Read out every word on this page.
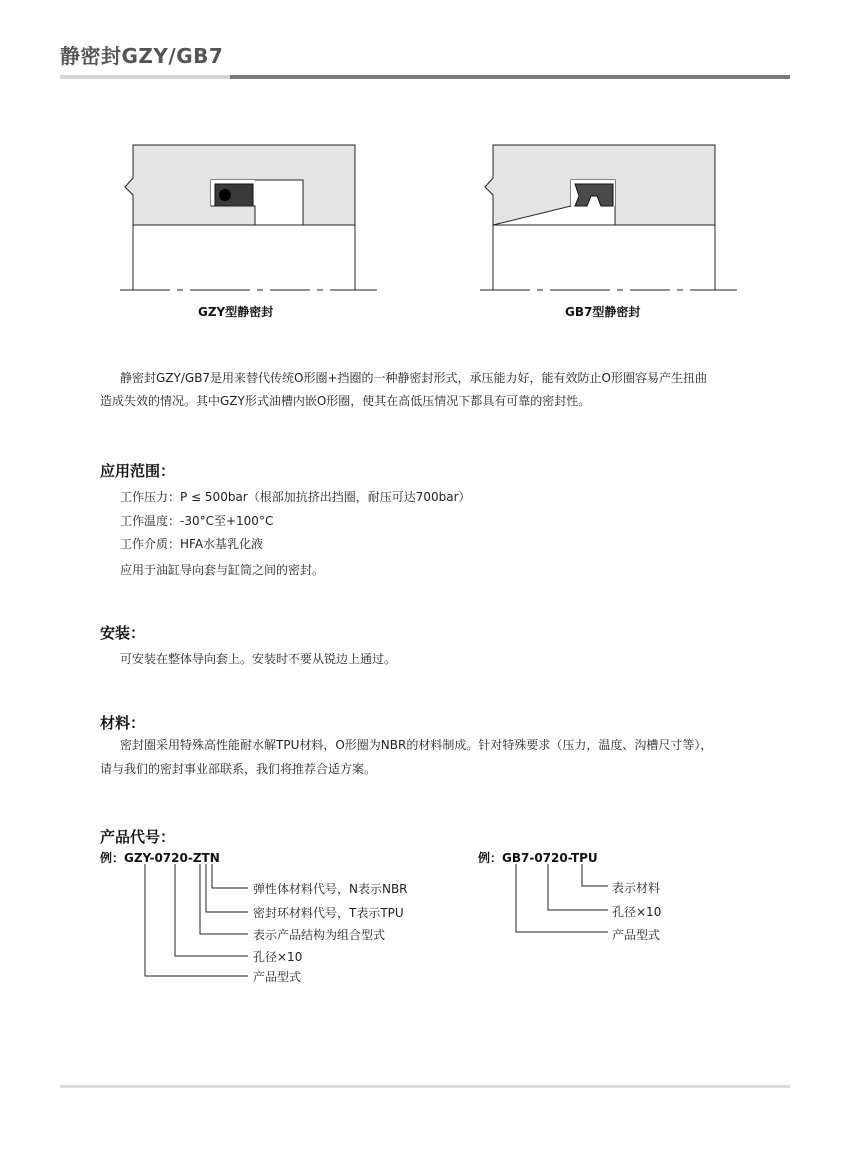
静密封GZY/GB7
GZY型静密封	GB7型静密封
静密封GZY/GB7是用来替代传统O形圈+挡圈的一种静密封形式，承压能力好，能有效防止O形圈容易产生扭曲
造成失效的情况。其中GZY形式油槽内嵌O形圈，使其在高低压情况下都具有可靠的密封性。
应用范围：
工作压力：P ≤ 500bar（根部加抗挤出挡圈，耐压可达700bar）
工作温度：-30°C至+100°C
工作介质：HFA水基乳化液
应用于油缸导向套与缸筒之间的密封。
安装：
可安装在整体导向套上。安装时不要从锐边上通过。
材料：
密封圈采用特殊高性能耐水解TPU材料，O形圈为NBR的材料制成。针对特殊要求（压力，温度、沟槽尺寸等），
请与我们的密封事业部联系，我们将推荐合适方案。
产品代号：
例：GZY-0720-ZTN
弹性体材料代号，N表示NBR
密封环材料代号，T表示TPU
表示产品结构为组合型式
孔径×10
产品型式
例：GB7-0720-TPU
表示材料
孔径×10
产品型式
